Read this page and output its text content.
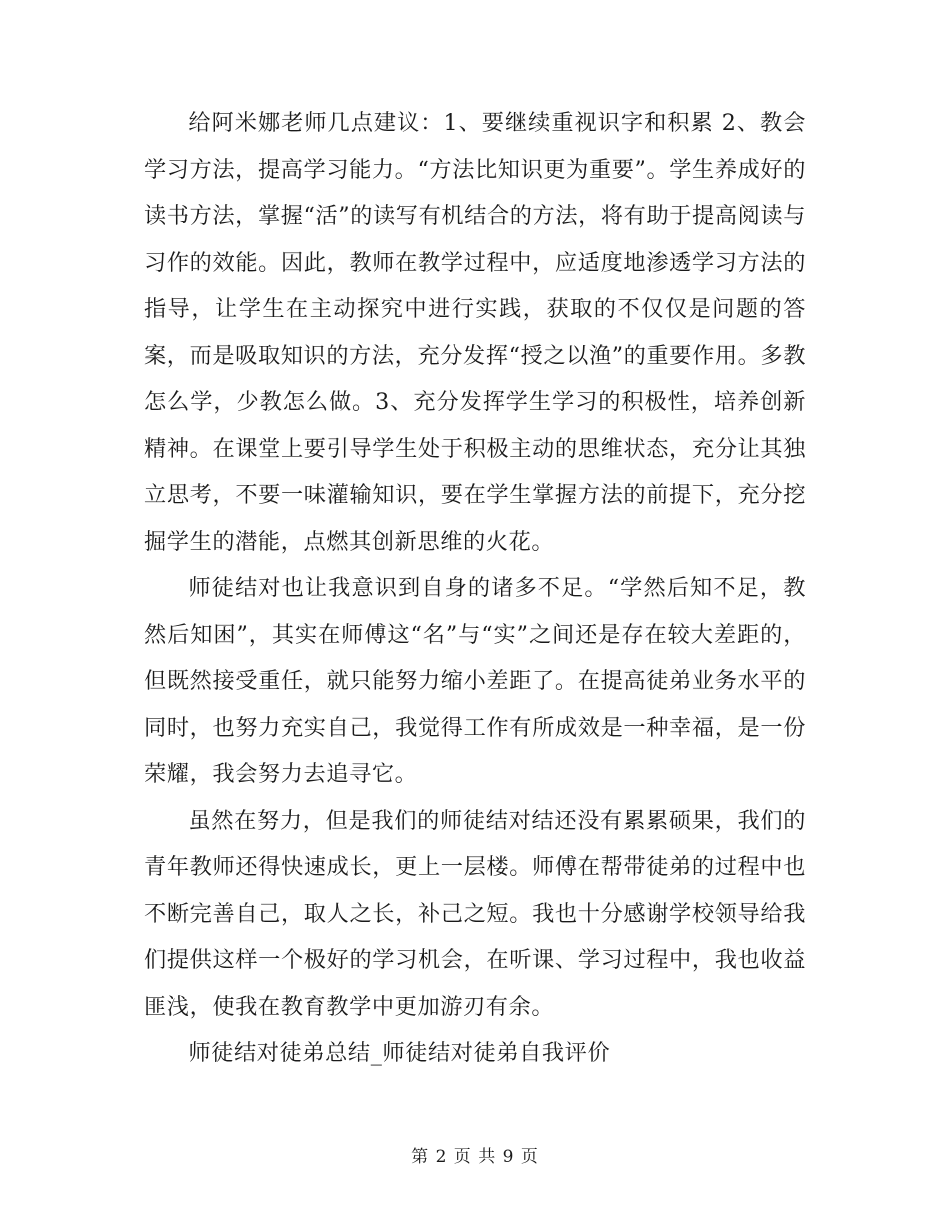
给阿米娜老师几点建议：1、要继续重视识字和积累 2、教会学习方法，提高学习能力。“方法比知识更为重要”。学生养成好的读书方法，掌握“活”的读写有机结合的方法，将有助于提高阅读与习作的效能。因此，教师在教学过程中，应适度地渗透学习方法的指导，让学生在主动探究中进行实践，获取的不仅仅是问题的答案，而是吸取知识的方法，充分发挥“授之以渔”的重要作用。多教怎么学，少教怎么做。3、充分发挥学生学习的积极性，培养创新精神。在课堂上要引导学生处于积极主动的思维状态，充分让其独立思考，不要一味灌输知识，要在学生掌握方法的前提下，充分挖掘学生的潜能，点燃其创新思维的火花。

师徒结对也让我意识到自身的诸多不足。“学然后知不足，教然后知困”，其实在师傅这“名”与“实”之间还是存在较大差距的，但既然接受重任，就只能努力缩小差距了。在提高徒弟业务水平的同时，也努力充实自己，我觉得工作有所成效是一种幸福，是一份荣耀，我会努力去追寻它。

虽然在努力，但是我们的师徒结对结还没有累累硕果，我们的青年教师还得快速成长，更上一层楼。师傅在帮带徒弟的过程中也不断完善自己，取人之长，补己之短。我也十分感谢学校领导给我们提供这样一个极好的学习机会，在听课、学习过程中，我也收益匪浅，使我在教育教学中更加游刃有余。

师徒结对徒弟总结_师徒结对徒弟自我评价

第 2 页 共 9 页
